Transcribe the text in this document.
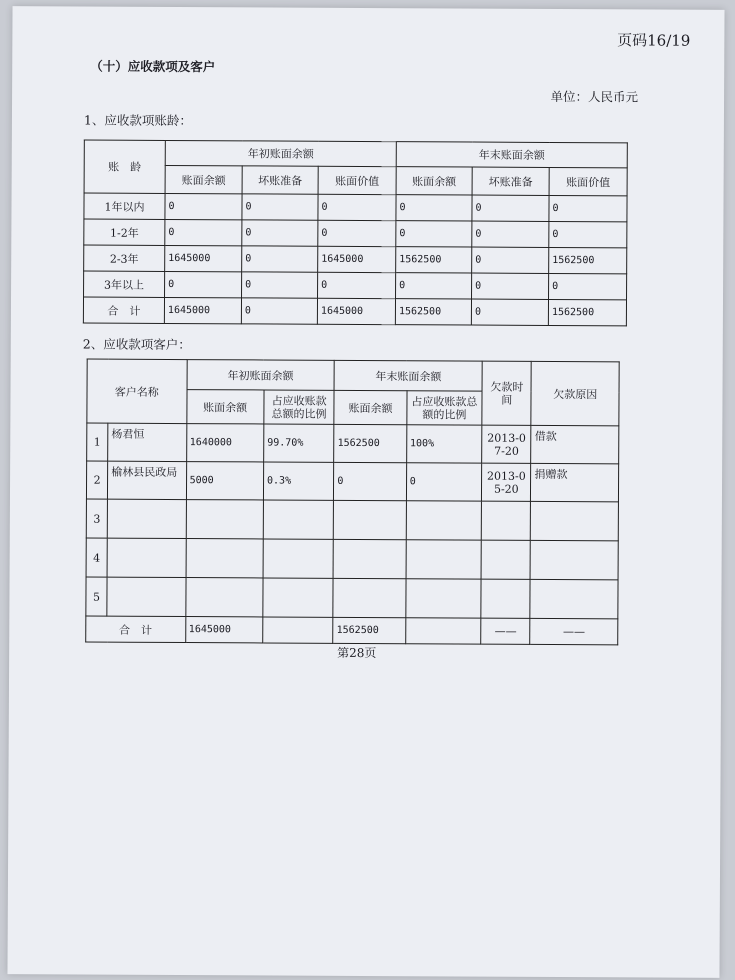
页码16/19
（十）应收款项及客户
单位：人民币元
1、应收款项账龄：
账　龄	年初账面余额			年末账面余额		
	账面余额	坏账准备	账面价值	账面余额	坏账准备	账面价值
1年以内	0	0	0	0	0	0
1-2年	0	0	0	0	0	0
2-3年	1645000	0	1645000	1562500	0	1562500
3年以上	0	0	0	0	0	0
合　计	1645000	0	1645000	1562500	0	1562500
2、应收款项客户：
客户名称		年初账面余额		年末账面余额		欠款时间	欠款原因
		账面余额	占应收账款总额的比例	账面余额	占应收账款总额的比例		
1	杨君恒	1640000	99.70%	1562500	100%	2013-07-20	借款
2	榆林县民政局	5000	0.3%	0	0	2013-05-20	捐赠款
3							
4							
5							
合　计		1645000		1562500		——	——
第28页
